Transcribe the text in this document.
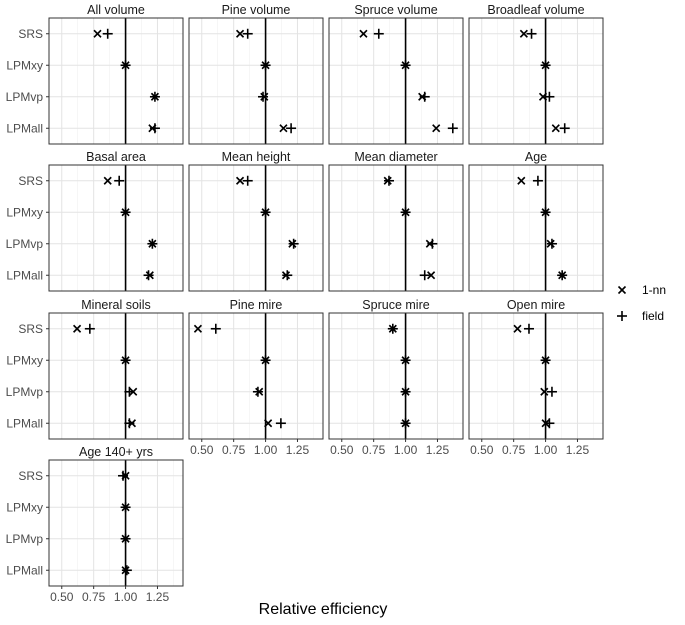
All volume
SRS
LPMxy
LPMvp
LPMall
Pine volume	Spruce volume	Broadleaf volume
Basal area
SRS
LPMxy
LPMvp
LPMall
Mean height	Mean diameter	Age
Mineral soils
SRS
LPMxy
LPMvp
LPMall
Pine mire
0.50 0.75 1.00 1.25
Spruce mire
0.50 0.75 1.00 1.25
Open mire
0.50 0.75 1.00 1.25
Age 140+ yrs
SRS
LPMxy
LPMvp
LPMall
0.50 0.75 1.00 1.25
Relative efficiency
1-nn
field
